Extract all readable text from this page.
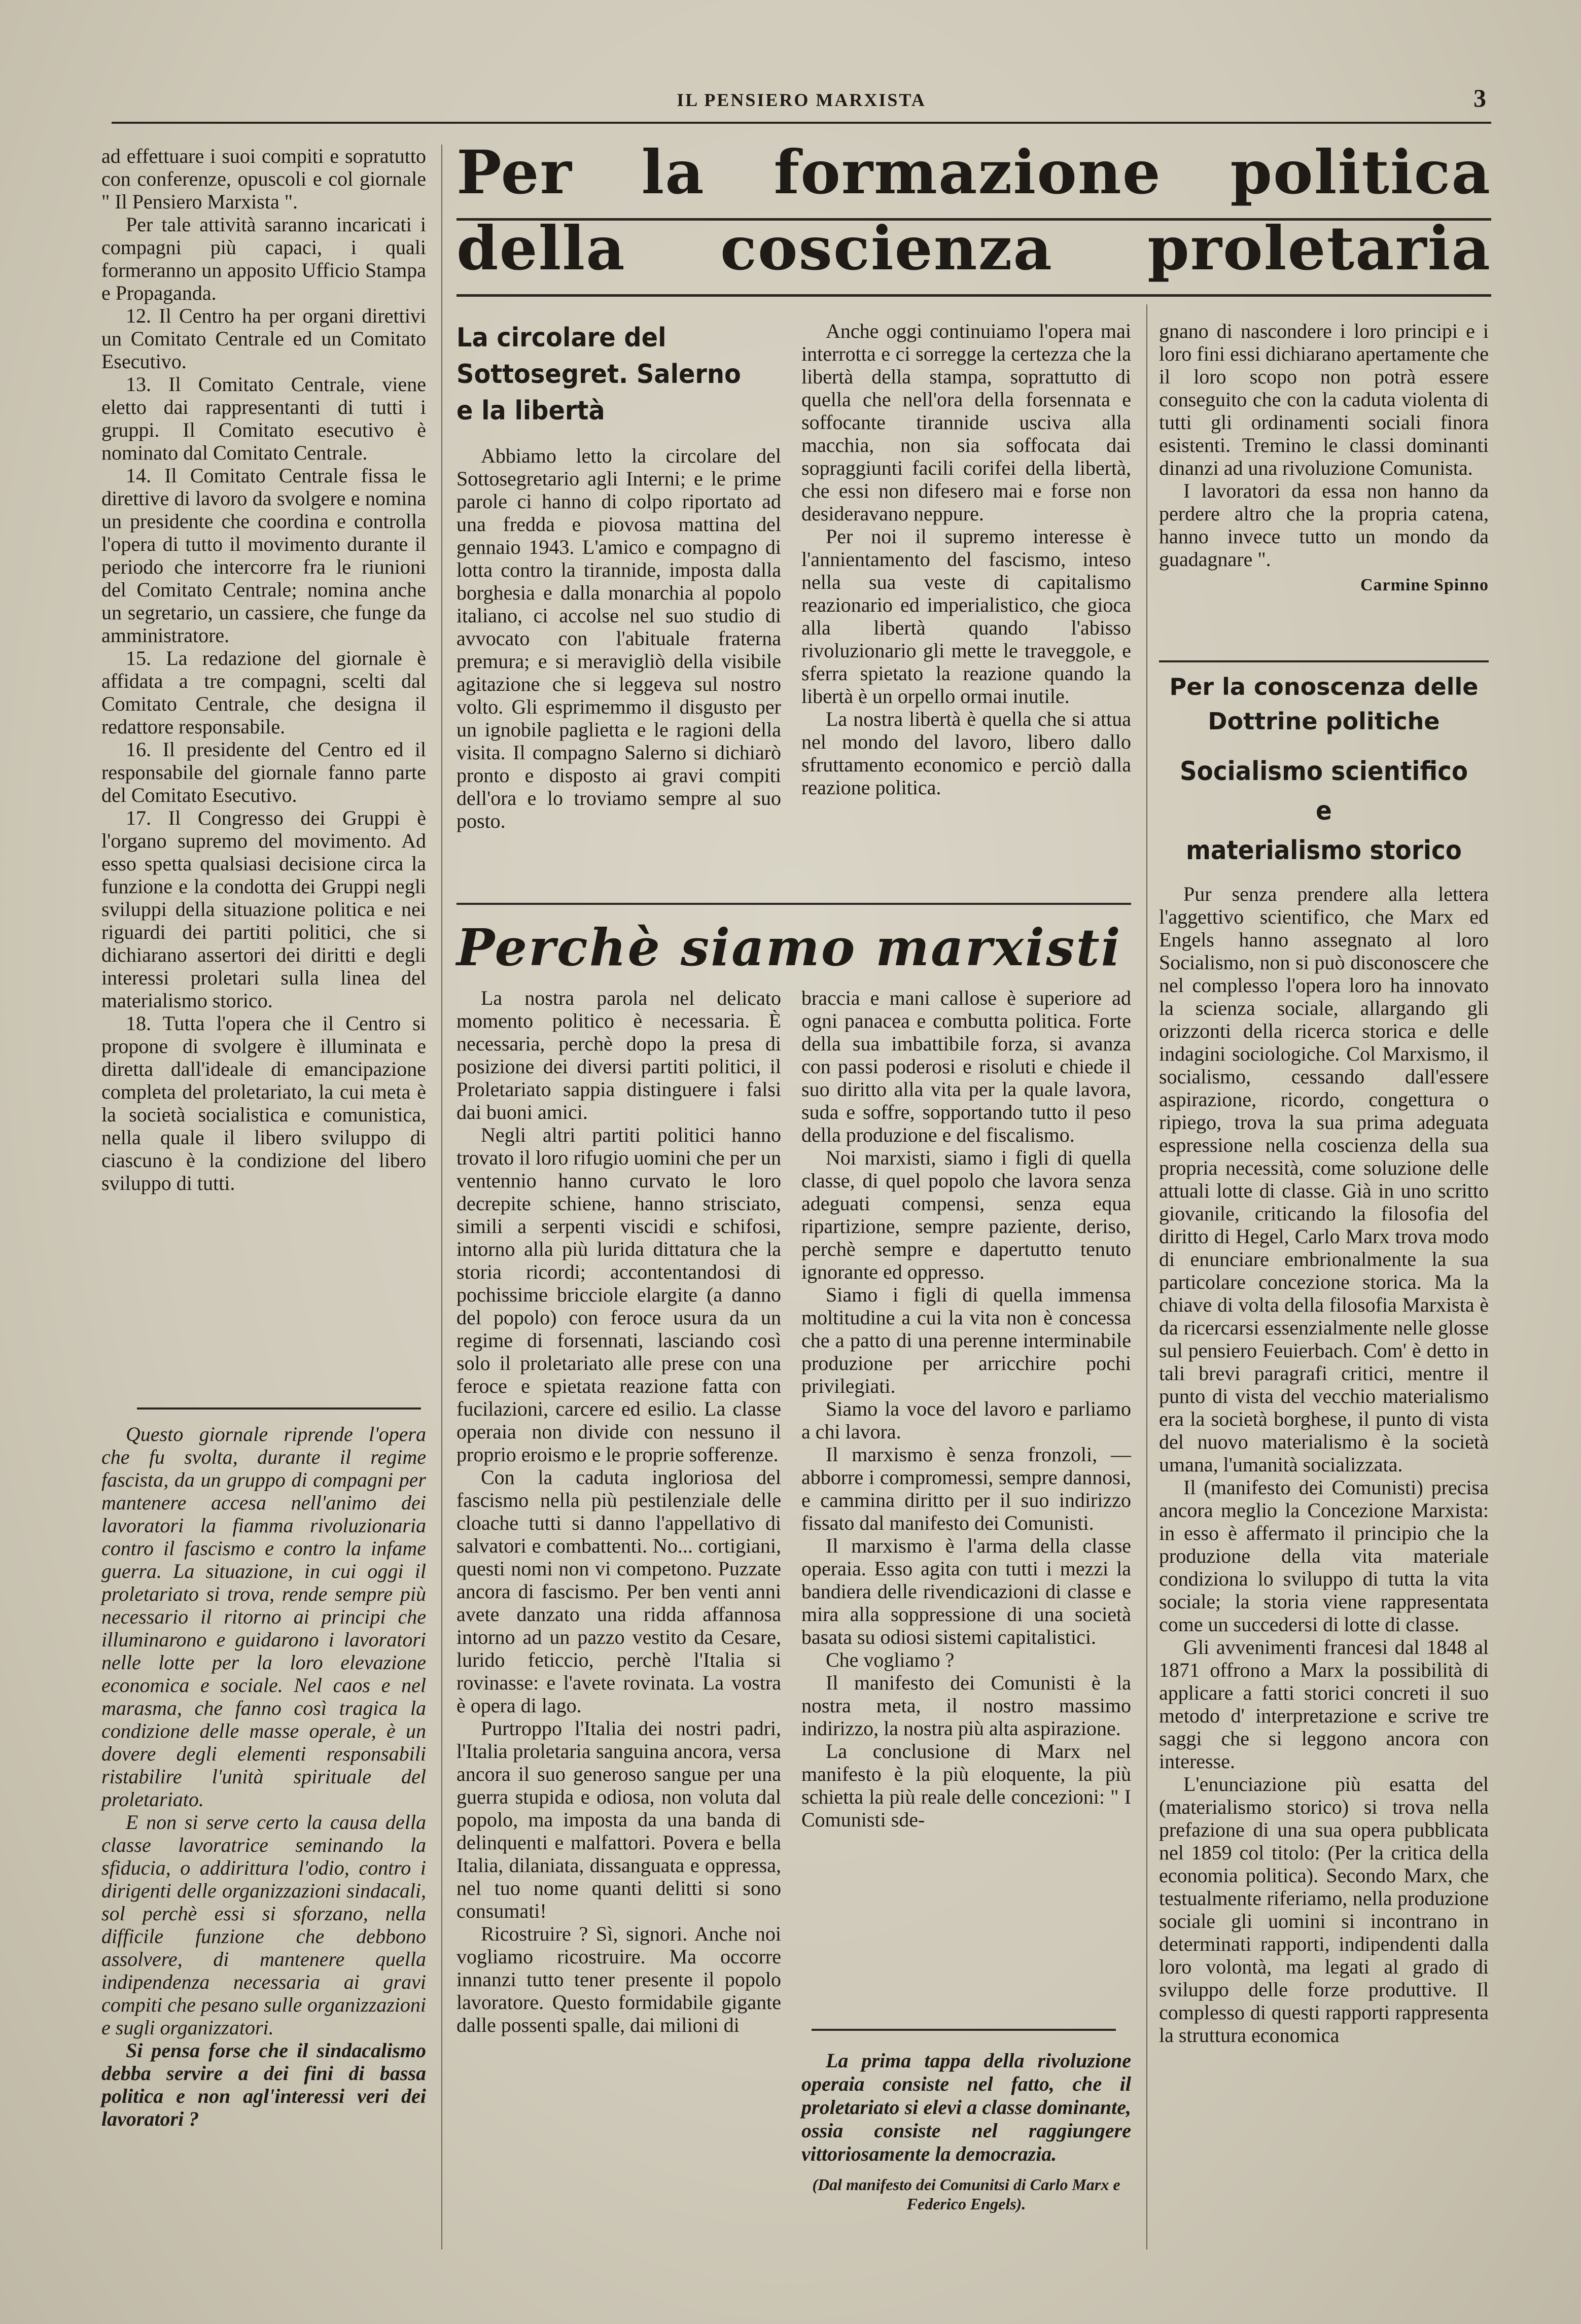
IL PENSIERO MARXISTA	3

ad effettuare i suoi compiti e sopratutto con conferenze, opuscoli e col giornale " Il Pensiero Marxista ".

Per tale attività saranno incaricati i compagni più capaci, i quali formeranno un apposito Ufficio Stampa e Propaganda.

12. Il Centro ha per organi direttivi un Comitato Centrale ed un Comitato Esecutivo.

13. Il Comitato Centrale, viene eletto dai rappresentanti di tutti i gruppi. Il Comitato esecutivo è nominato dal Comitato Centrale.

14. Il Comitato Centrale fissa le direttive di lavoro da svolgere e nomina un presidente che coordina e controlla l'opera di tutto il movimento durante il periodo che intercorre fra le riunioni del Comitato Centrale; nomina anche un segretario, un cassiere, che funge da amministratore.

15. La redazione del giornale è affidata a tre compagni, scelti dal Comitato Centrale, che designa il redattore responsabile.

16. Il presidente del Centro ed il responsabile del giornale fanno parte del Comitato Esecutivo.

17. Il Congresso dei Gruppi è l'organo supremo del movimento. Ad esso spetta qualsiasi decisione circa la funzione e la condotta dei Gruppi negli sviluppi della situazione politica e nei riguardi dei partiti politici, che si dichiarano assertori dei diritti e degli interessi proletari sulla linea del materialismo storico.

18. Tutta l'opera che il Centro si propone di svolgere è illuminata e diretta dall'ideale di emancipazione completa del proletariato, la cui meta è la società socialistica e comunistica, nella quale il libero sviluppo di ciascuno è la condizione del libero sviluppo di tutti.

Questo giornale riprende l'opera che fu svolta, durante il regime fascista, da un gruppo di compagni per mantenere accesa nell'animo dei lavoratori la fiamma rivoluzionaria contro il fascismo e contro la infame guerra. La situazione, in cui oggi il proletariato si trova, rende sempre più necessario il ritorno ai principi che illuminarono e guidarono i lavoratori nelle lotte per la loro elevazione economica e sociale. Nel caos e nel marasma, che fanno così tragica la condizione delle masse operale, è un dovere degli elementi responsabili ristabilire l'unità spirituale del proletariato.

E non si serve certo la causa della classe lavoratrice seminando la sfiducia, o addirittura l'odio, contro i dirigenti delle organizzazioni sindacali, sol perchè essi si sforzano, nella difficile funzione che debbono assolvere, di mantenere quella indipendenza necessaria ai gravi compiti che pesano sulle organizzazioni e sugli organizzatori.

Si pensa forse che il sindacalismo debba servire a dei fini di bassa politica e non agl'interessi veri dei lavoratori ?

Per la formazione politica
della coscienza proletaria
La circolare del Sottosegret. Salerno e la libertà

Abbiamo letto la circolare del Sottosegretario agli Interni; e le prime parole ci hanno di colpo riportato ad una fredda e piovosa mattina del gennaio 1943. L'amico e compagno di lotta contro la tirannide, imposta dalla borghesia e dalla monarchia al popolo italiano, ci accolse nel suo studio di avvocato con l'abituale fraterna premura; e si meravigliò della visibile agitazione che si leggeva sul nostro volto. Gli esprimemmo il disgusto per un ignobile paglietta e le ragioni della visita. Il compagno Salerno si dichiarò pronto e disposto ai gravi compiti dell'ora e lo troviamo sempre al suo posto.

Anche oggi continuiamo l'opera mai interrotta e ci sorregge la certezza che la libertà della stampa, soprattutto di quella che nell'ora della forsennata e soffocante tirannide usciva alla macchia, non sia soffocata dai sopraggiunti facili corifei della libertà, che essi non difesero mai e forse non desideravano neppure.

Per noi il supremo interesse è l'annientamento del fascismo, inteso nella sua veste di capitalismo reazionario ed imperialistico, che gioca alla libertà quando l'abisso rivoluzionario gli mette le traveggole, e sferra spietato la reazione quando la libertà è un orpello ormai inutile.

La nostra libertà è quella che si attua nel mondo del lavoro, libero dallo sfruttamento economico e perciò dalla reazione politica.

Perchè siamo marxisti

La nostra parola nel delicato momento politico è necessaria. È necessaria, perchè dopo la presa di posizione dei diversi partiti politici, il Proletariato sappia distinguere i falsi dai buoni amici.

Negli altri partiti politici hanno trovato il loro rifugio uomini che per un ventennio hanno curvato le loro decrepite schiene, hanno strisciato, simili a serpenti viscidi e schifosi, intorno alla più lurida dittatura che la storia ricordi; accontentandosi di pochissime bricciole elargite (a danno del popolo) con feroce usura da un regime di forsennati, lasciando così solo il proletariato alle prese con una feroce e spietata reazione fatta con fucilazioni, carcere ed esilio. La classe operaia non divide con nessuno il proprio eroismo e le proprie sofferenze.

Con la caduta ingloriosa del fascismo nella più pestilenziale delle cloache tutti si danno l'appellativo di salvatori e combattenti. No... cortigiani, questi nomi non vi competono. Puzzate ancora di fascismo. Per ben venti anni avete danzato una ridda affannosa intorno ad un pazzo vestito da Cesare, lurido feticcio, perchè l'Italia si rovinasse: e l'avete rovinata. La vostra è opera di lago.

Purtroppo l'Italia dei nostri padri, l'Italia proletaria sanguina ancora, versa ancora il suo generoso sangue per una guerra stupida e odiosa, non voluta dal popolo, ma imposta da una banda di delinquenti e malfattori. Povera e bella Italia, dilaniata, dissanguata e oppressa, nel tuo nome quanti delitti si sono consumati!

Ricostruire ? Sì, signori. Anche noi vogliamo ricostruire. Ma occorre innanzi tutto tener presente il popolo lavoratore. Questo formidabile gigante dalle possenti spalle, dai milioni di

braccia e mani callose è superiore ad ogni panacea e combutta politica. Forte della sua imbattibile forza, si avanza con passi poderosi e risoluti e chiede il suo diritto alla vita per la quale lavora, suda e soffre, sopportando tutto il peso della produzione e del fiscalismo.

Noi marxisti, siamo i figli di quella classe, di quel popolo che lavora senza adeguati compensi, senza equa ripartizione, sempre paziente, deriso, perchè sempre e dapertutto tenuto ignorante ed oppresso.

Siamo i figli di quella immensa moltitudine a cui la vita non è concessa che a patto di una perenne interminabile produzione per arricchire pochi privilegiati.

Siamo la voce del lavoro e parliamo a chi lavora.

Il marxismo è senza fronzoli, — abborre i compromessi, sempre dannosi, e cammina diritto per il suo indirizzo fissato dal manifesto dei Comunisti.

Il marxismo è l'arma della classe operaia. Esso agita con tutti i mezzi la bandiera delle rivendicazioni di classe e mira alla soppressione di una società basata su odiosi sistemi capitalistici.

Che vogliamo ?

Il manifesto dei Comunisti è la nostra meta, il nostro massimo indirizzo, la nostra più alta aspirazione.

La conclusione di Marx nel manifesto è la più eloquente, la più schietta la più reale delle concezioni: " I Comunisti sde-

La prima tappa della rivoluzione operaia consiste nel fatto, che il proletariato si elevi a classe dominante, ossia consiste nel raggiungere vittoriosamente la democrazia.

(Dal manifesto dei Comunitsi di Carlo Marx e Federico Engels).

gnano di nascondere i loro principi e i loro fini essi dichiarano apertamente che il loro scopo non potrà essere conseguito che con la caduta violenta di tutti gli ordinamenti sociali finora esistenti. Tremino le classi dominanti dinanzi ad una rivoluzione Comunista.

I lavoratori da essa non hanno da perdere altro che la propria catena, hanno invece tutto un mondo da guadagnare ".

Carmine Spinno
Per la conoscenza delle
Dottrine politiche
Socialismo scientifico e
materialismo storico

Pur senza prendere alla lettera l'aggettivo scientifico, che Marx ed Engels hanno assegnato al loro Socialismo, non si può disconoscere che nel complesso l'opera loro ha innovato la scienza sociale, allargando gli orizzonti della ricerca storica e delle indagini sociologiche. Col Marxismo, il socialismo, cessando dall'essere aspirazione, ricordo, congettura o ripiego, trova la sua prima adeguata espressione nella coscienza della sua propria necessità, come soluzione delle attuali lotte di classe. Già in uno scritto giovanile, criticando la filosofia del diritto di Hegel, Carlo Marx trova modo di enunciare embrionalmente la sua particolare concezione storica. Ma la chiave di volta della filosofia Marxista è da ricercarsi essenzialmente nelle glosse sul pensiero Feuierbach. Com' è detto in tali brevi paragrafi critici, mentre il punto di vista del vecchio materialismo era la società borghese, il punto di vista del nuovo materialismo è la società umana, l'umanità socializzata.

Il (manifesto dei Comunisti) precisa ancora meglio la Concezione Marxista: in esso è affermato il principio che la produzione della vita materiale condiziona lo sviluppo di tutta la vita sociale; la storia viene rappresentata come un succedersi di lotte di classe.

Gli avvenimenti francesi dal 1848 al 1871 offrono a Marx la possibilità di applicare a fatti storici concreti il suo metodo d' interpretazione e scrive tre saggi che si leggono ancora con interesse.

L'enunciazione più esatta del (materialismo storico) si trova nella prefazione di una sua opera pubblicata nel 1859 col titolo: (Per la critica della economia politica). Secondo Marx, che testualmente riferiamo, nella produzione sociale gli uomini si incontrano in determinati rapporti, indipendenti dalla loro volontà, ma legati al grado di sviluppo delle forze produttive. Il complesso di questi rapporti rappresenta la struttura economica
